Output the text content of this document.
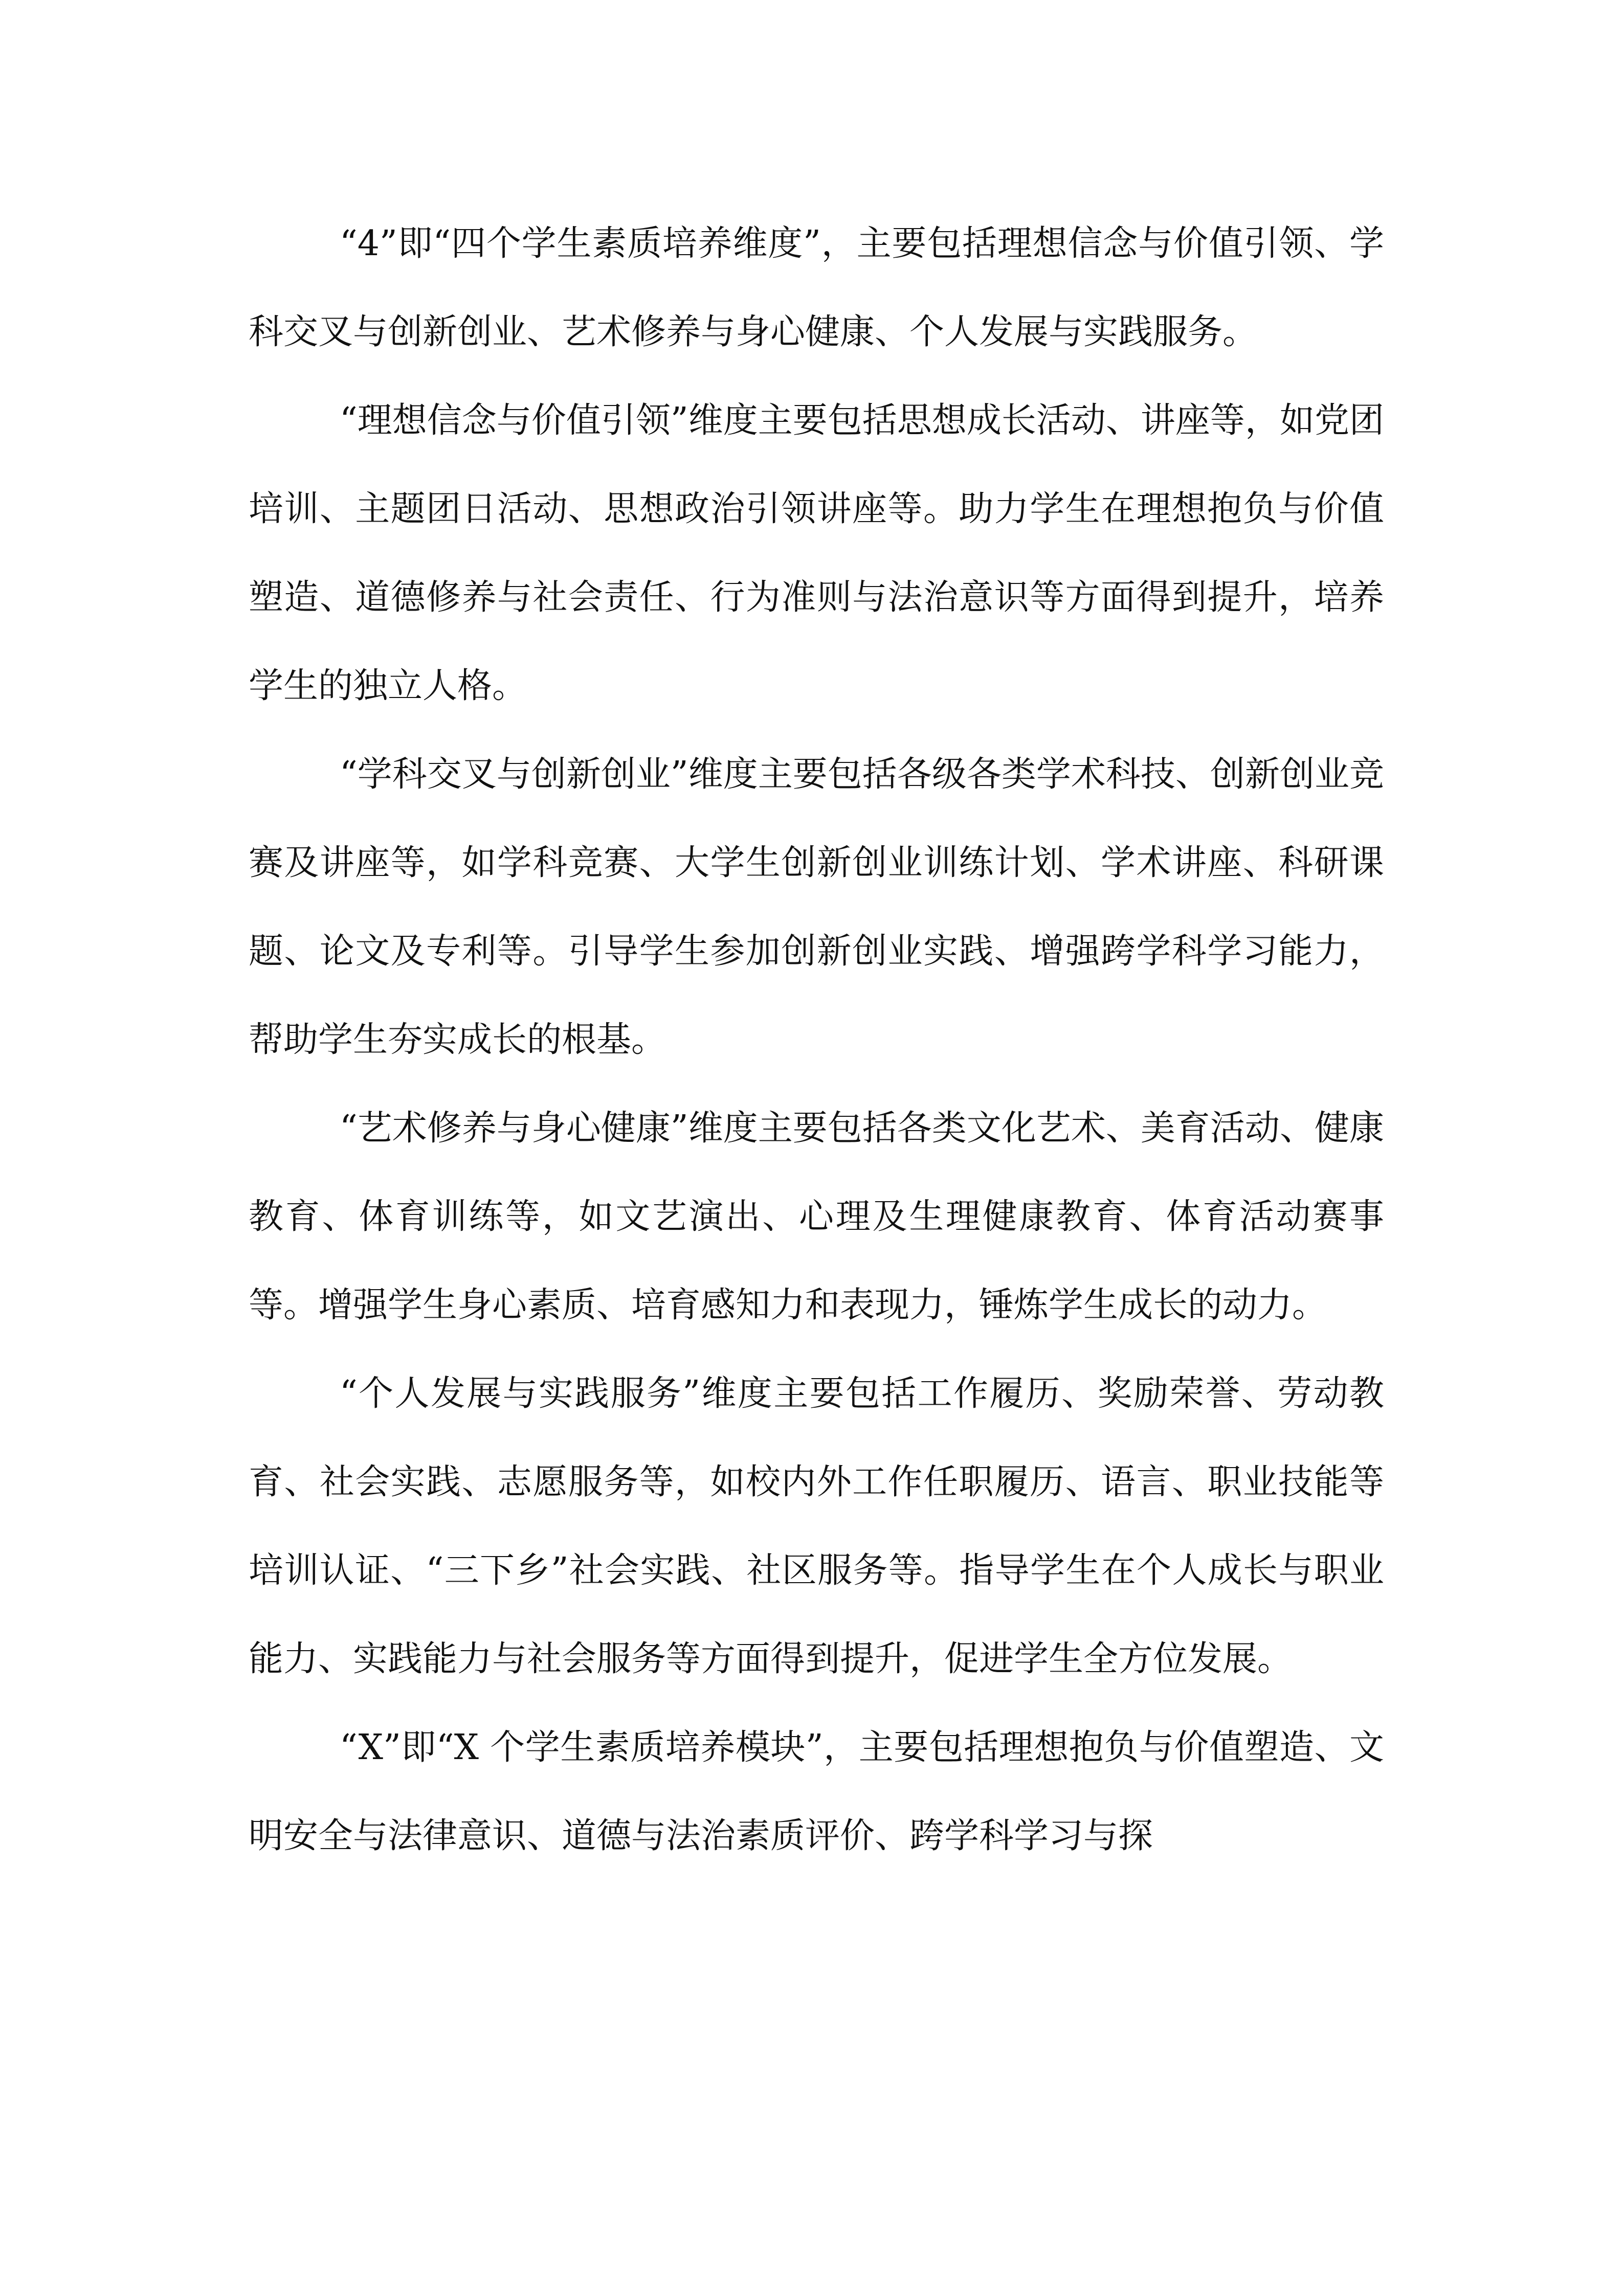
“4”即“四个学生素质培养维度”，主要包括理想信念与价值引领、学科交叉与创新创业、艺术修养与身心健康、个人发展与实践服务。

“理想信念与价值引领”维度主要包括思想成长活动、讲座等，如党团培训、主题团日活动、思想政治引领讲座等。助力学生在理想抱负与价值塑造、道德修养与社会责任、行为准则与法治意识等方面得到提升，培养学生的独立人格。

“学科交叉与创新创业”维度主要包括各级各类学术科技、创新创业竞赛及讲座等，如学科竞赛、大学生创新创业训练计划、学术讲座、科研课题、论文及专利等。引导学生参加创新创业实践、增强跨学科学习能力，帮助学生夯实成长的根基。

“艺术修养与身心健康”维度主要包括各类文化艺术、美育活动、健康教育、体育训练等，如文艺演出、心理及生理健康教育、体育活动赛事等。增强学生身心素质、培育感知力和表现力，锤炼学生成长的动力。

“个人发展与实践服务”维度主要包括工作履历、奖励荣誉、劳动教育、社会实践、志愿服务等，如校内外工作任职履历、语言、职业技能等培训认证、“三下乡”社会实践、社区服务等。指导学生在个人成长与职业能力、实践能力与社会服务等方面得到提升，促进学生全方位发展。

“X”即“X 个学生素质培养模块”，主要包括理想抱负与价值塑造、文明安全与法律意识、道德与法治素质评价、跨学科学习与探
